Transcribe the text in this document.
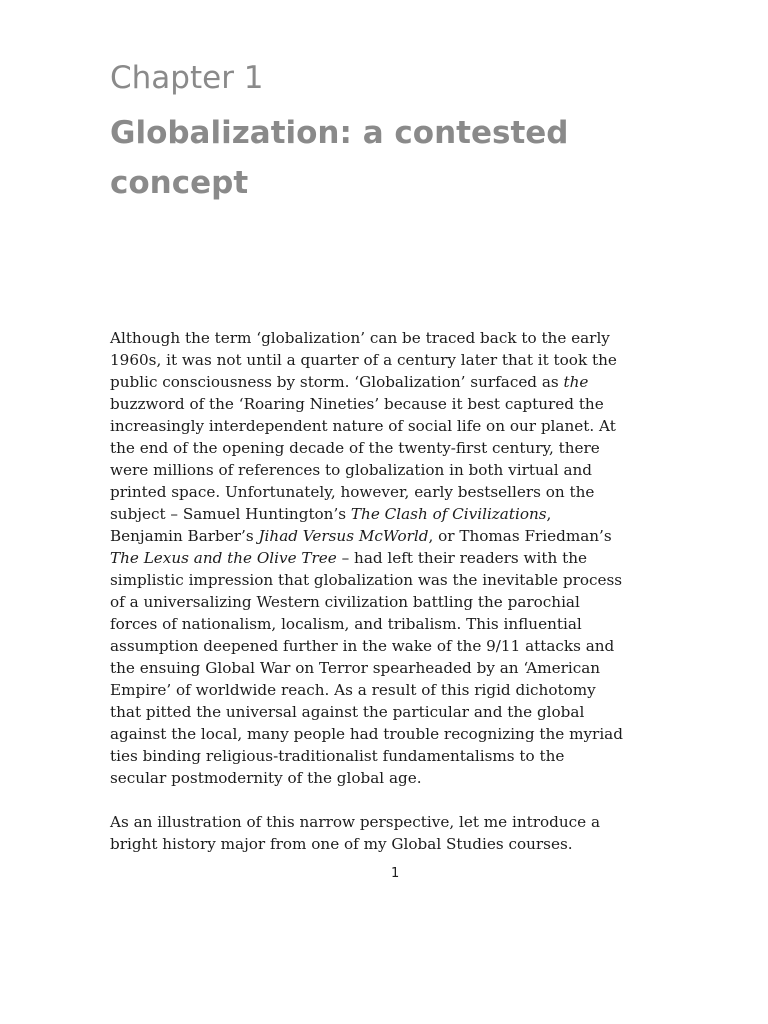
Chapter 1
Globalization: a contested
concept
Although the term ‘globalization’ can be traced back to the early
1960s, it was not until a quarter of a century later that it took the
public consciousness by storm. ‘Globalization’ surfaced as the
buzzword of the ‘Roaring Nineties’ because it best captured the
increasingly interdependent nature of social life on our planet. At
the end of the opening decade of the twenty-first century, there
were millions of references to globalization in both virtual and
printed space. Unfortunately, however, early bestsellers on the
subject – Samuel Huntington’s The Clash of Civilizations,
Benjamin Barber’s Jihad Versus McWorld, or Thomas Friedman’s
The Lexus and the Olive Tree – had left their readers with the
simplistic impression that globalization was the inevitable process
of a universalizing Western civilization battling the parochial
forces of nationalism, localism, and tribalism. This influential
assumption deepened further in the wake of the 9/11 attacks and
the ensuing Global War on Terror spearheaded by an ‘American
Empire’ of worldwide reach. As a result of this rigid dichotomy
that pitted the universal against the particular and the global
against the local, many people had trouble recognizing the myriad
ties binding religious-traditionalist fundamentalisms to the
secular postmodernity of the global age.
As an illustration of this narrow perspective, let me introduce a
bright history major from one of my Global Studies courses.
1
